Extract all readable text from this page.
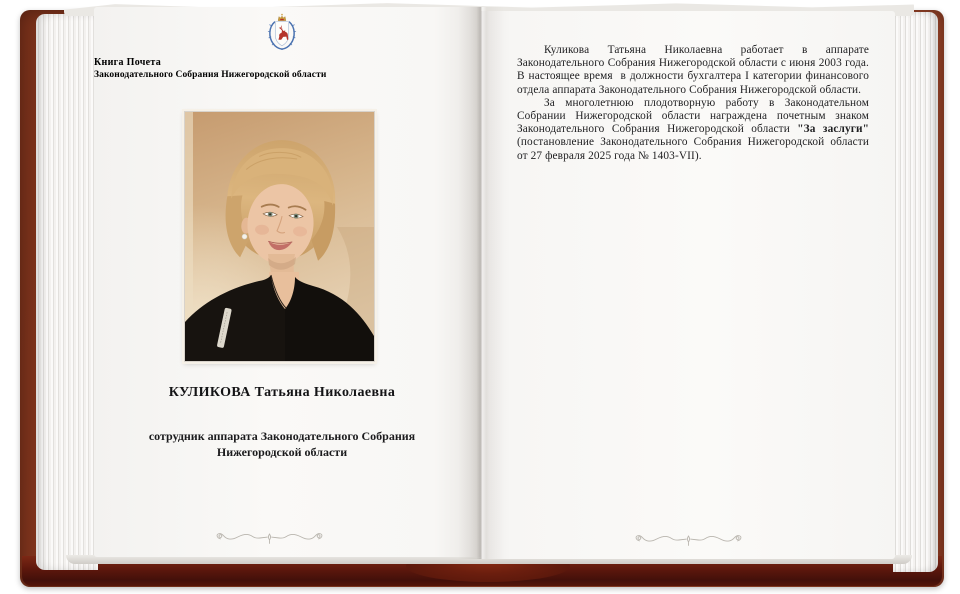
Книга Почета
Законодательного Собрания Нижегородской области
КУЛИКОВА Татьяна Николаевна
сотрудник аппарата Законодательного Собрания
Нижегородской области

Куликова Татьяна Николаевна работает в аппарате Законодательного Собрания Нижегородской области с июня 2003 года. В настоящее время  в должности бухгалтера I категории финансового отдела аппарата Законодательного Собрания Нижегородской области.

За многолетнюю плодотворную работу в Законодательном Собрании Нижегородской области награждена почетным знаком Законодательного Собрания Нижегородской области "За заслуги" (постановление Законодательного Собрания Нижегородской области от 27 февраля 2025 года № 1403-VII).
